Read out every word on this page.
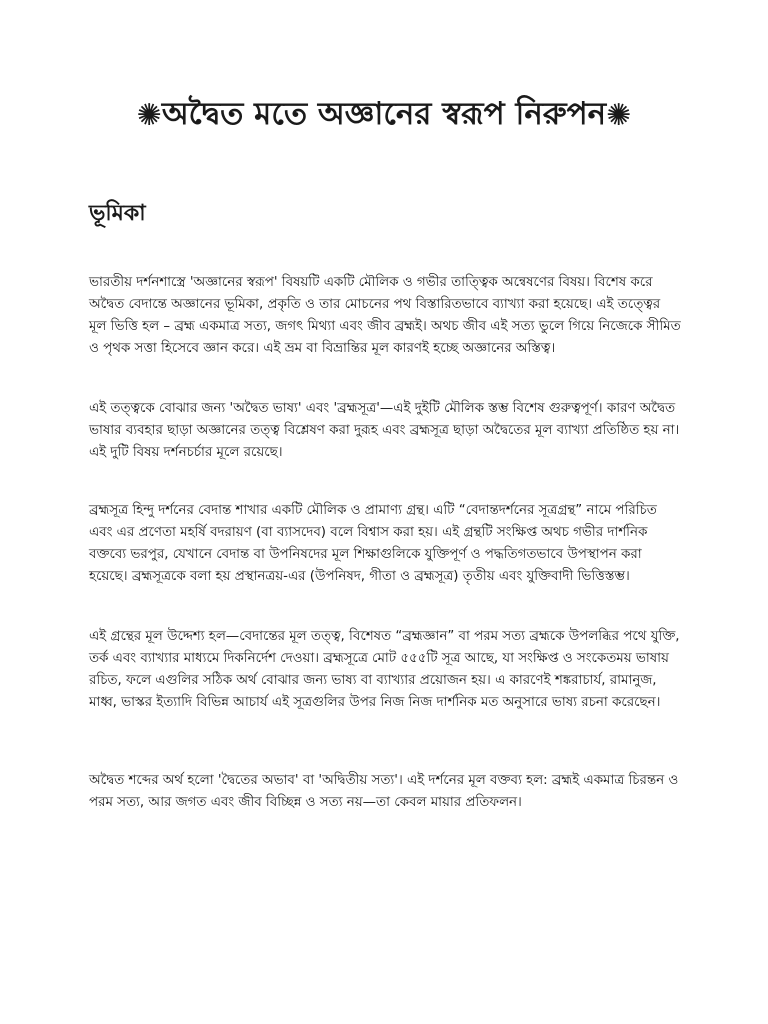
✺অদ্বৈত মতে অজ্ঞানের স্বরূপ নিরুপন✺
ভূমিকা

ভারতীয় দর্শনশাস্ত্রে 'অজ্ঞানের স্বরূপ' বিষয়টি একটি মৌলিক ও গভীর তাত্ত্বিক অন্বেষণের বিষয়। বিশেষ করে অদ্বৈত বেদান্তে অজ্ঞানের ভূমিকা, প্রকৃতি ও তার মোচনের পথ বিস্তারিতভাবে ব্যাখ্যা করা হয়েছে। এই তত্ত্বের মূল ভিত্তি হল – ব্রহ্ম একমাত্র সত্য, জগৎ মিথ্যা এবং জীব ব্রহ্মই। অথচ জীব এই সত্য ভুলে গিয়ে নিজেকে সীমিত ও পৃথক সত্তা হিসেবে জ্ঞান করে। এই ভ্রম বা বিভ্রান্তির মূল কারণই হচ্ছে অজ্ঞানের অস্তিত্ব।

এই তত্ত্বকে বোঝার জন্য 'অদ্বৈত ভাষ্য' এবং 'ব্রহ্মসূত্র'—এই দুইটি মৌলিক স্তম্ভ বিশেষ গুরুত্বপূর্ণ। কারণ অদ্বৈত ভাষার ব্যবহার ছাড়া অজ্ঞানের তত্ত্ব বিশ্লেষণ করা দুরূহ এবং ব্রহ্মসূত্র ছাড়া অদ্বৈতের মূল ব্যাখ্যা প্রতিষ্ঠিত হয় না। এই দুটি বিষয় দর্শনচর্চার মূলে রয়েছে।

ব্রহ্মসূত্র হিন্দু দর্শনের বেদান্ত শাখার একটি মৌলিক ও প্রামাণ্য গ্রন্থ। এটি “বেদান্তদর্শনের সূত্রগ্রন্থ” নামে পরিচিত এবং এর প্রণেতা মহর্ষি বদরায়ণ (বা ব্যাসদেব) বলে বিশ্বাস করা হয়। এই গ্রন্থটি সংক্ষিপ্ত অথচ গভীর দার্শনিক বক্তব্যে ভরপুর, যেখানে বেদান্ত বা উপনিষদের মূল শিক্ষাগুলিকে যুক্তিপূর্ণ ও পদ্ধতিগতভাবে উপস্থাপন করা হয়েছে। ব্রহ্মসূত্রকে বলা হয় প্রস্থানত্রয়-এর (উপনিষদ, গীতা ও ব্রহ্মসূত্র) তৃতীয় এবং যুক্তিবাদী ভিত্তিস্তম্ভ।

এই গ্রন্থের মূল উদ্দেশ্য হল—বেদান্তের মূল তত্ত্ব, বিশেষত “ব্রহ্মজ্ঞান” বা পরম সত্য ব্রহ্মকে উপলব্ধির পথে যুক্তি, তর্ক এবং ব্যাখ্যার মাধ্যমে দিকনির্দেশ দেওয়া। ব্রহ্মসূত্রে মোট ৫৫৫টি সূত্র আছে, যা সংক্ষিপ্ত ও সংকেতময় ভাষায় রচিত, ফলে এগুলির সঠিক অর্থ বোঝার জন্য ভাষ্য বা ব্যাখ্যার প্রয়োজন হয়। এ কারণেই শঙ্করাচার্য, রামানুজ, মাধ্ব, ভাস্কর ইত্যাদি বিভিন্ন আচার্য এই সূত্রগুলির উপর নিজ নিজ দার্শনিক মত অনুসারে ভাষ্য রচনা করেছেন।

অদ্বৈত শব্দের অর্থ হলো 'দ্বৈতের অভাব' বা 'অদ্বিতীয় সত্য'। এই দর্শনের মূল বক্তব্য হল: ব্রহ্মই একমাত্র চিরন্তন ও পরম সত্য, আর জগত এবং জীব বিচ্ছিন্ন ও সত্য নয়—তা কেবল মায়ার প্রতিফলন।
